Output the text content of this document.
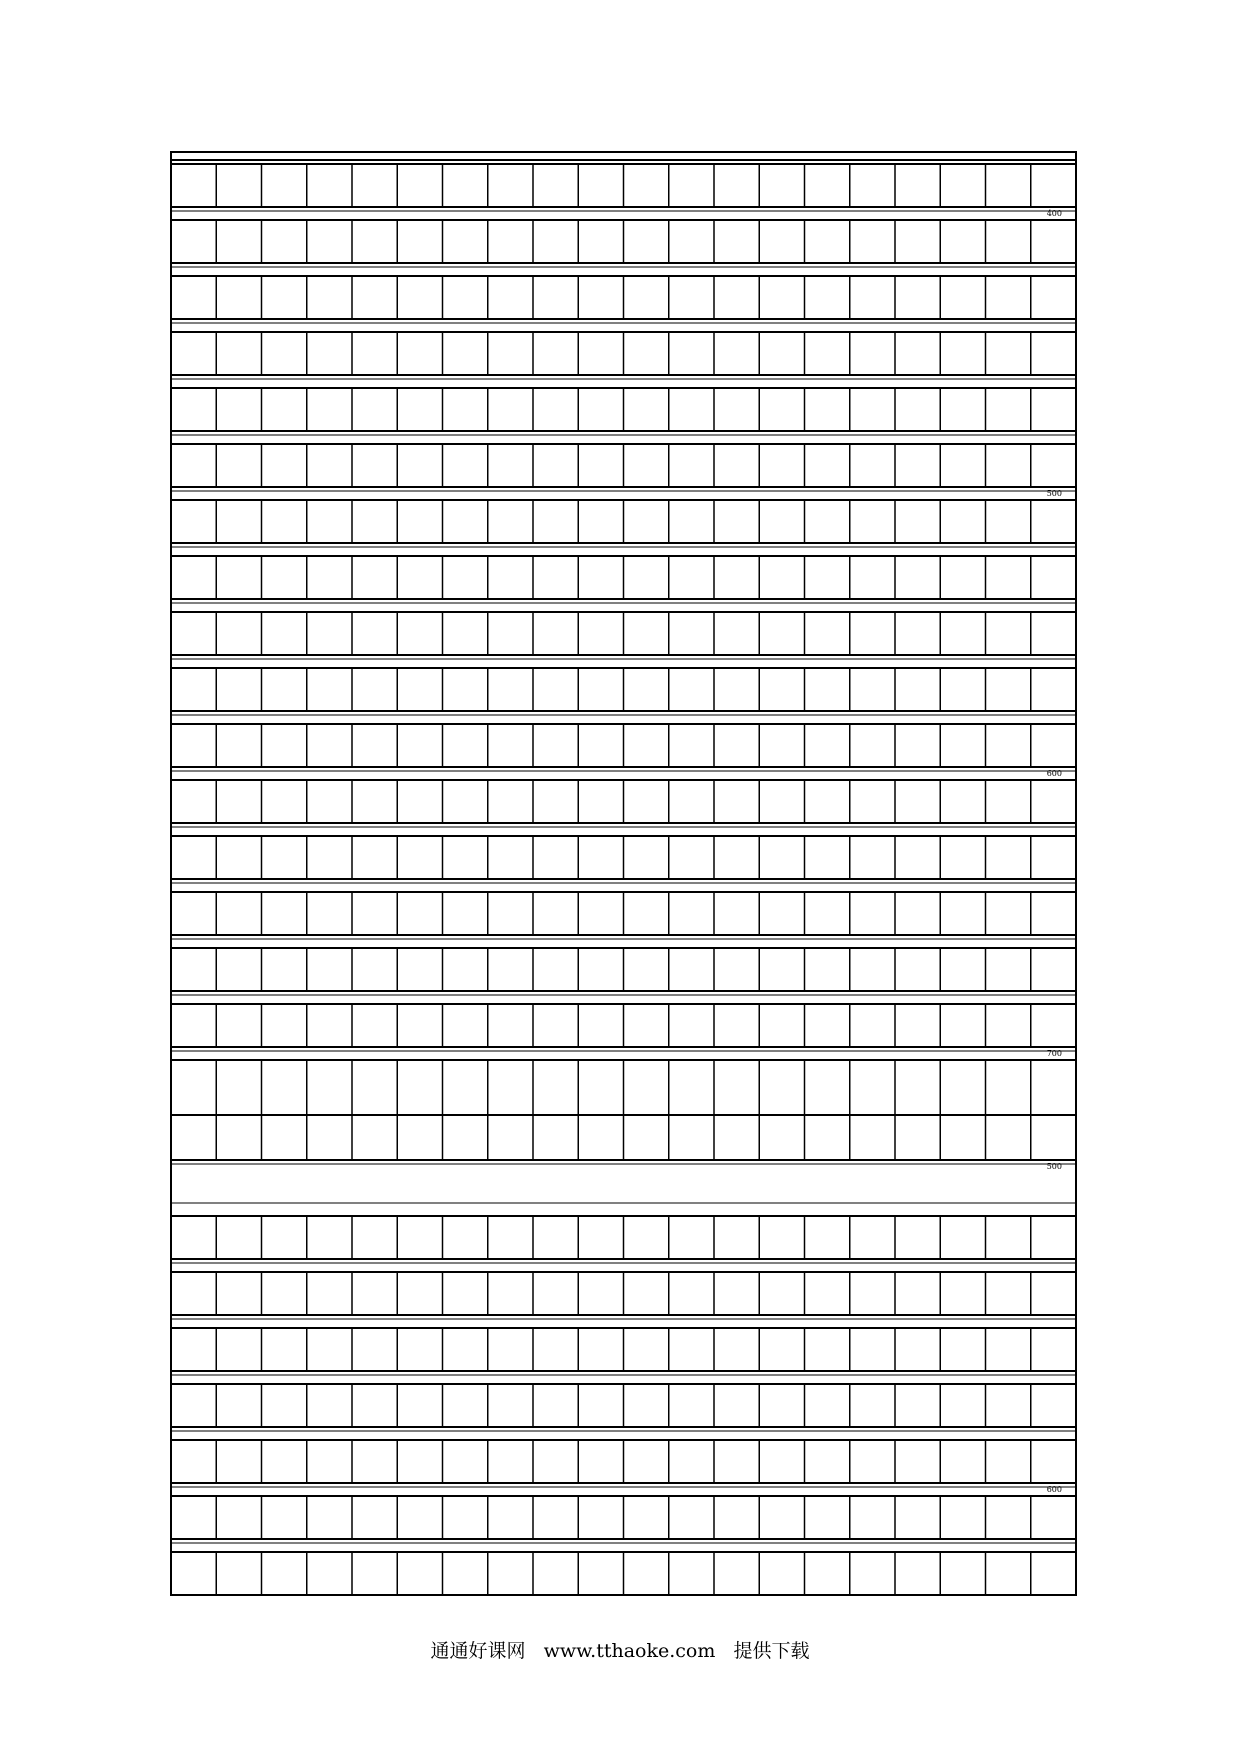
400
500
600
700
500
600
通通好课网   www.tthaoke.com   提供下载
